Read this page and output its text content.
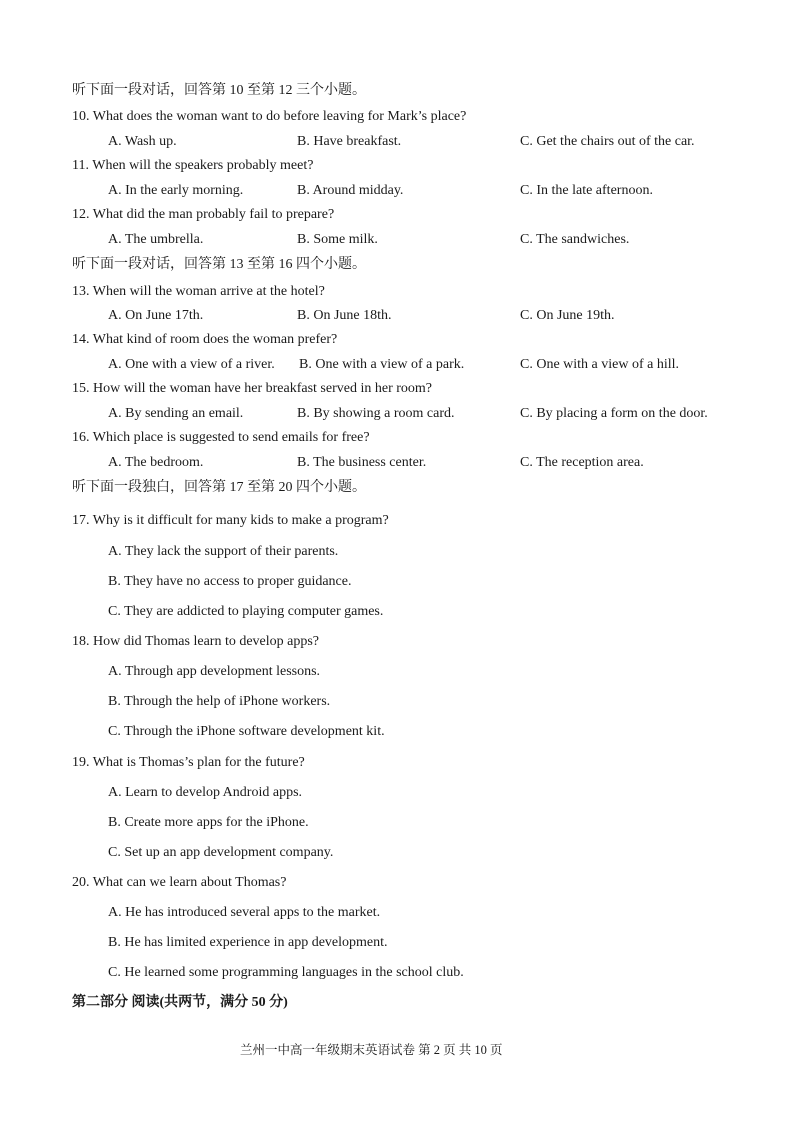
听下面一段对话，回答第 10 至第 12 三个小题。
10. What does the woman want to do before leaving for Mark’s place?
A. Wash up.	B. Have breakfast.	C. Get the chairs out of the car.
11. When will the speakers probably meet?
A. In the early morning.	B. Around midday.	C. In the late afternoon.
12. What did the man probably fail to prepare?
A. The umbrella.	B. Some milk.	C. The sandwiches.
听下面一段对话，回答第 13 至第 16 四个小题。
13. When will the woman arrive at the hotel?
A. On June 17th.	B. On June 18th.	C. On June 19th.
14. What kind of room does the woman prefer?
A. One with a view of a river. B. One with a view of a park.	C. One with a view of a hill.
15. How will the woman have her breakfast served in her room?
A. By sending an email.	B. By showing a room card.	C. By placing a form on the door.
16. Which place is suggested to send emails for free?
A. The bedroom.	B. The business center.	C. The reception area.
听下面一段独白，回答第 17 至第 20 四个小题。
17. Why is it difficult for many kids to make a program?
A. They lack the support of their parents.
B. They have no access to proper guidance.
C. They are addicted to playing computer games.
18. How did Thomas learn to develop apps?
A. Through app development lessons.
B. Through the help of iPhone workers.
C. Through the iPhone software development kit.
19. What is Thomas’s plan for the future?
A. Learn to develop Android apps.
B. Create more apps for the iPhone.
C. Set up an app development company.
20. What can we learn about Thomas?
A. He has introduced several apps to the market.
B. He has limited experience in app development.
C. He learned some programming languages in the school club.
第二部分 阅读(共两节，满分 50 分)
兰州一中高一年级期末英语试卷 第 2 页 共 10 页
